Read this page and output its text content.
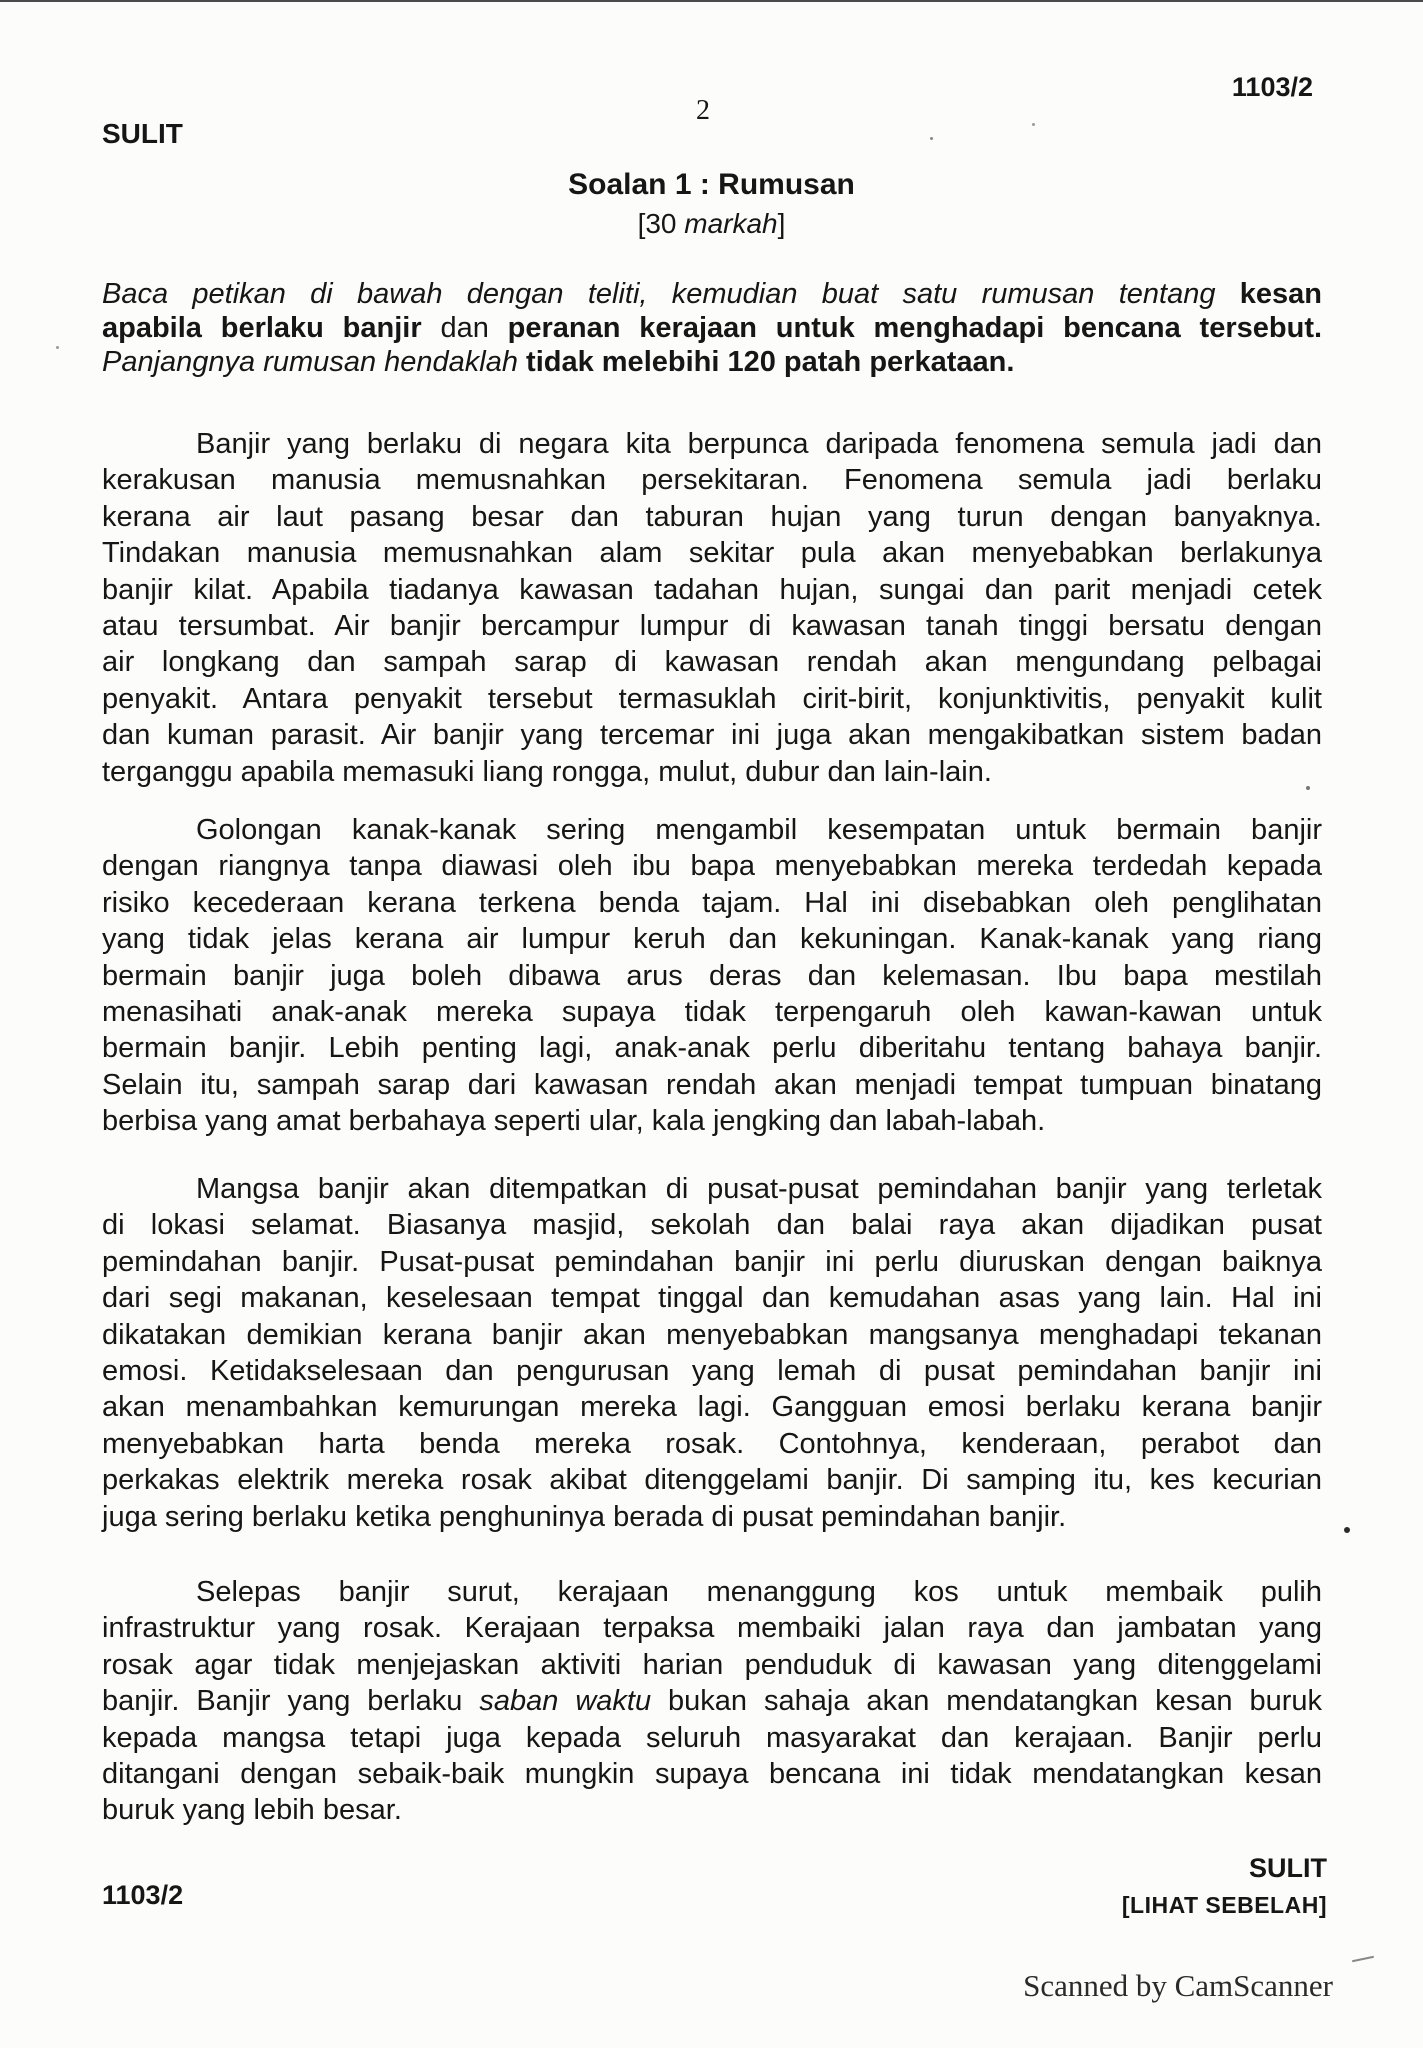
1103/2
SULIT
2
Soalan 1 : Rumusan
[30 markah]
Baca petikan di bawah dengan teliti, kemudian buat satu rumusan tentang kesan
apabila berlaku banjir dan peranan kerajaan untuk menghadapi bencana tersebut.
Panjangnya rumusan hendaklah tidak melebihi 120 patah perkataan.
Banjir yang berlaku di negara kita berpunca daripada fenomena semula jadi dan
kerakusan manusia memusnahkan persekitaran. Fenomena semula jadi berlaku
kerana air laut pasang besar dan taburan hujan yang turun dengan banyaknya.
Tindakan manusia memusnahkan alam sekitar pula akan menyebabkan berlakunya
banjir kilat. Apabila tiadanya kawasan tadahan hujan, sungai dan parit menjadi cetek
atau tersumbat. Air banjir bercampur lumpur di kawasan tanah tinggi bersatu dengan
air longkang dan sampah sarap di kawasan rendah akan mengundang pelbagai
penyakit. Antara penyakit tersebut termasuklah cirit-birit, konjunktivitis, penyakit kulit
dan kuman parasit. Air banjir yang tercemar ini juga akan mengakibatkan sistem badan
terganggu apabila memasuki liang rongga, mulut, dubur dan lain-lain.
Golongan kanak-kanak sering mengambil kesempatan untuk bermain banjir
dengan riangnya tanpa diawasi oleh ibu bapa menyebabkan mereka terdedah kepada
risiko kecederaan kerana terkena benda tajam. Hal ini disebabkan oleh penglihatan
yang tidak jelas kerana air lumpur keruh dan kekuningan. Kanak-kanak yang riang
bermain banjir juga boleh dibawa arus deras dan kelemasan. Ibu bapa mestilah
menasihati anak-anak mereka supaya tidak terpengaruh oleh kawan-kawan untuk
bermain banjir. Lebih penting lagi, anak-anak perlu diberitahu tentang bahaya banjir.
Selain itu, sampah sarap dari kawasan rendah akan menjadi tempat tumpuan binatang
berbisa yang amat berbahaya seperti ular, kala jengking dan labah-labah.
Mangsa banjir akan ditempatkan di pusat-pusat pemindahan banjir yang terletak
di lokasi selamat. Biasanya masjid, sekolah dan balai raya akan dijadikan pusat
pemindahan banjir. Pusat-pusat pemindahan banjir ini perlu diuruskan dengan baiknya
dari segi makanan, keselesaan tempat tinggal dan kemudahan asas yang lain. Hal ini
dikatakan demikian kerana banjir akan menyebabkan mangsanya menghadapi tekanan
emosi. Ketidakselesaan dan pengurusan yang lemah di pusat pemindahan banjir ini
akan menambahkan kemurungan mereka lagi. Gangguan emosi berlaku kerana banjir
menyebabkan harta benda mereka rosak. Contohnya, kenderaan, perabot dan
perkakas elektrik mereka rosak akibat ditenggelami banjir. Di samping itu, kes kecurian
juga sering berlaku ketika penghuninya berada di pusat pemindahan banjir.
Selepas banjir surut, kerajaan menanggung kos untuk membaik pulih
infrastruktur yang rosak. Kerajaan terpaksa membaiki jalan raya dan jambatan yang
rosak agar tidak menjejaskan aktiviti harian penduduk di kawasan yang ditenggelami
banjir. Banjir yang berlaku saban waktu bukan sahaja akan mendatangkan kesan buruk
kepada mangsa tetapi juga kepada seluruh masyarakat dan kerajaan. Banjir perlu
ditangani dengan sebaik-baik mungkin supaya bencana ini tidak mendatangkan kesan
buruk yang lebih besar.
SULIT
[LIHAT SEBELAH]
1103/2
Scanned by CamScanner
